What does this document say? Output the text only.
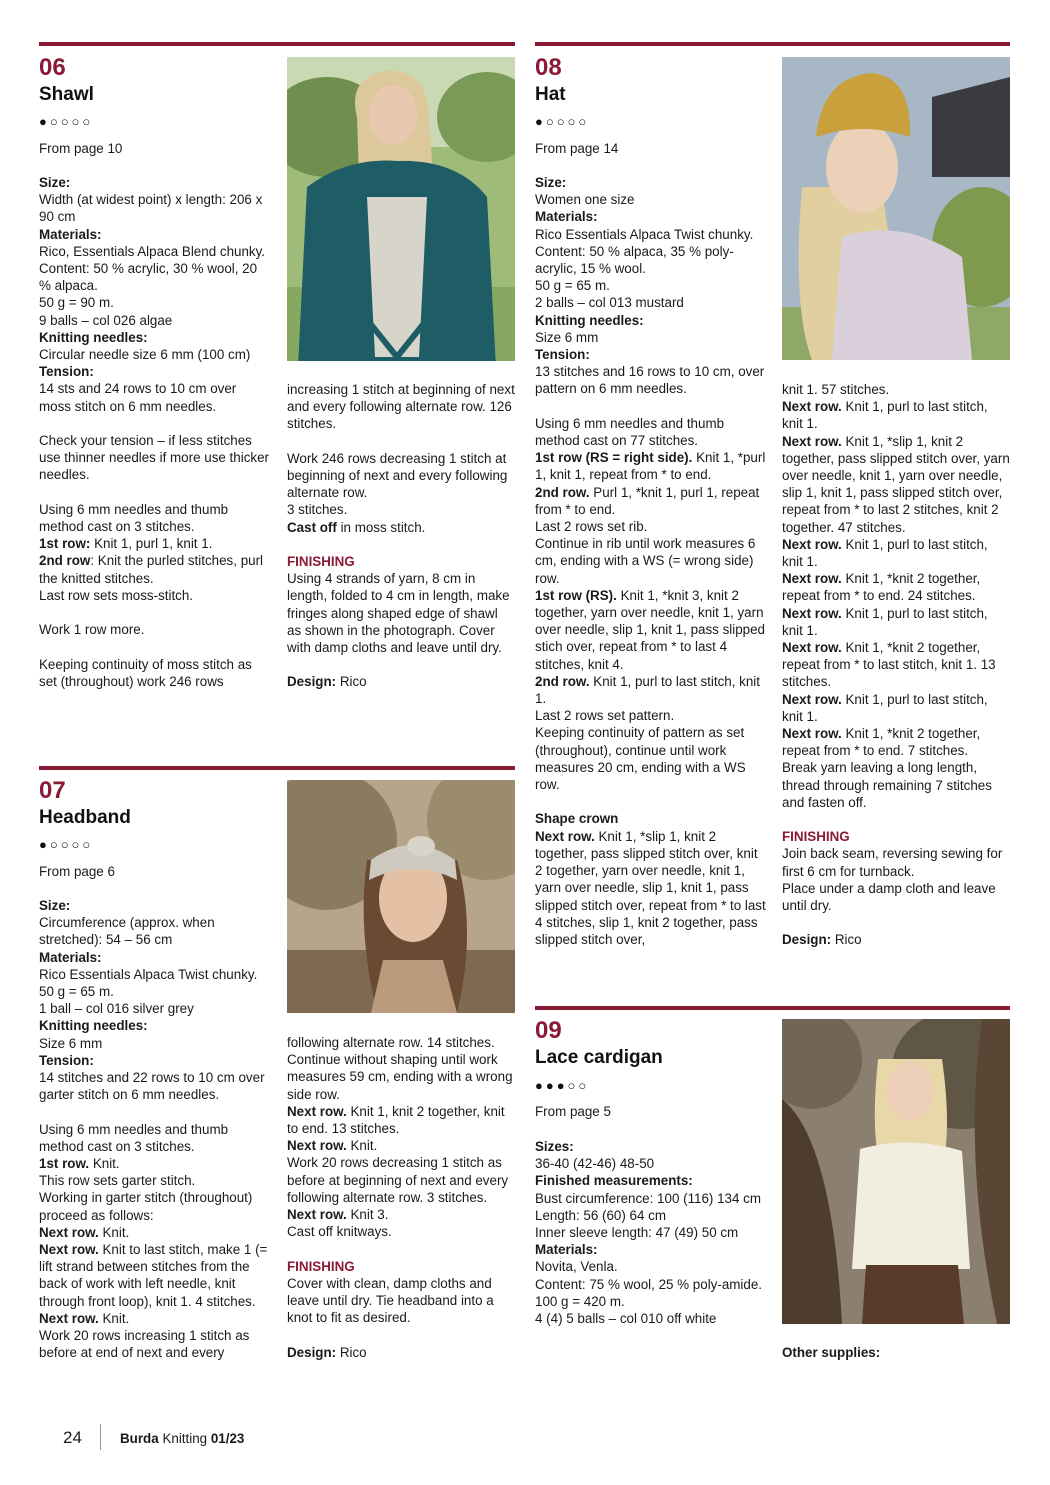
06
Shawl
●○○○○
From page 10

Size:

Width (at widest point) x length: 206 x 90 cm

Materials:

Rico, Essentials Alpaca Blend chunky.

Content: 50 % acrylic, 30 % wool, 20 % alpaca.

50 g = 90 m.

9 balls – col 026 algae

Knitting needles:

Circular needle size 6 mm (100 cm)

Tension:

14 sts and 24 rows to 10 cm over moss stitch on 6 mm needles.

Check your tension – if less stitches use thinner needles if more use thicker needles.

Using 6 mm needles and thumb method cast on 3 stitches.

1st row: Knit 1, purl 1, knit 1.

2nd row: Knit the purled stitches, purl the knitted stitches.

Last row sets moss-stitch.

Work 1 row more.

Keeping continuity of moss stitch as set (throughout) work 246 rows

increasing 1 stitch at beginning of next and every following alternate row. 126 stitches.

Work 246 rows decreasing 1 stitch at beginning of next and every following alternate row.

3 stitches.

Cast off in moss stitch.

FINISHING

Using 4 strands of yarn, 8 cm in length, folded to 4 cm in length, make fringes along shaped edge of shawl as shown in the photograph. Cover with damp cloths and leave until dry.

Design: Rico

07
Headband
●○○○○
From page 6

Size:

Circumference (approx. when stretched): 54 – 56 cm

Materials:

Rico Essentials Alpaca Twist chunky. 50 g = 65 m.

1 ball – col 016 silver grey

Knitting needles:

Size 6 mm

Tension:

14 stitches and 22 rows to 10 cm over garter stitch on 6 mm needles.

Using 6 mm needles and thumb method cast on 3 stitches.

1st row. Knit.

This row sets garter stitch.

Working in garter stitch (throughout) proceed as follows:

Next row. Knit.

Next row. Knit to last stitch, make 1 (= lift strand between stitches from the back of work with left needle, knit through front loop), knit 1. 4 stitches.

Next row. Knit.

Work 20 rows increasing 1 stitch as before at end of next and every

following alternate row. 14 stitches. Continue without shaping until work measures 59 cm, ending with a wrong side row.

Next row. Knit 1, knit 2 together, knit to end. 13 stitches.

Next row. Knit.

Work 20 rows decreasing 1 stitch as before at beginning of next and every following alternate row. 3 stitches.

Next row. Knit 3.

Cast off knitways.

FINISHING

Cover with clean, damp cloths and leave until dry. Tie headband into a knot to fit as desired.

Design: Rico

08
Hat
●○○○○
From page 14

Size:

Women one size

Materials:

Rico Essentials Alpaca Twist chunky.

Content: 50 % alpaca, 35 % poly-acrylic, 15 % wool.

50 g = 65 m.

2 balls – col 013 mustard

Knitting needles:

Size 6 mm

Tension:

13 stitches and 16 rows to 10 cm, over pattern on 6 mm needles.

Using 6 mm needles and thumb method cast on 77 stitches.

1st row (RS = right side). Knit 1, *purl 1, knit 1, repeat from * to end.

2nd row. Purl 1, *knit 1, purl 1, repeat from * to end.

Last 2 rows set rib.

Continue in rib until work measures 6 cm, ending with a WS (= wrong side) row.

1st row (RS). Knit 1, *knit 3, knit 2 together, yarn over needle, knit 1, yarn over needle, slip 1, knit 1, pass slipped stich over, repeat from * to last 4 stitches, knit 4.

2nd row. Knit 1, purl to last stitch, knit 1.

Last 2 rows set pattern.

Keeping continuity of pattern as set (throughout), continue until work measures 20 cm, ending with a WS row.

Shape crown

Next row. Knit 1, *slip 1, knit 2 together, pass slipped stitch over, knit 2 together, yarn over needle, knit 1, yarn over needle, slip 1, knit 1, pass slipped stitch over, repeat from * to last 4 stitches, slip 1, knit 2 together, pass slipped stitch over,

knit 1. 57 stitches.

Next row. Knit 1, purl to last stitch, knit 1.

Next row. Knit 1, *slip 1, knit 2 together, pass slipped stitch over, yarn over needle, knit 1, yarn over needle, slip 1, knit 1, pass slipped stitch over, repeat from * to last 2 stitches, knit 2 together. 47 stitches.

Next row. Knit 1, purl to last stitch, knit 1.

Next row. Knit 1, *knit 2 together, repeat from * to end. 24 stitches.

Next row. Knit 1, purl to last stitch, knit 1.

Next row. Knit 1, *knit 2 together, repeat from * to last stitch, knit 1. 13 stitches.

Next row. Knit 1, purl to last stitch, knit 1.

Next row. Knit 1, *knit 2 together, repeat from * to end. 7 stitches.

Break yarn leaving a long length, thread through remaining 7 stitches and fasten off.

FINISHING

Join back seam, reversing sewing for first 6 cm for turnback.

Place under a damp cloth and leave until dry.

Design: Rico

09
Lace cardigan
●●●○○
From page 5

Sizes:

36-40 (42-46) 48-50

Finished measurements:

Bust circumference: 100 (116) 134 cm

Length: 56 (60) 64 cm

Inner sleeve length: 47 (49) 50 cm

Materials:

Novita, Venla.

Content: 75 % wool, 25 % poly-amide.

100 g = 420 m.

4 (4) 5 balls – col 010 off white

Other supplies:

24	Burda Knitting 01/23
